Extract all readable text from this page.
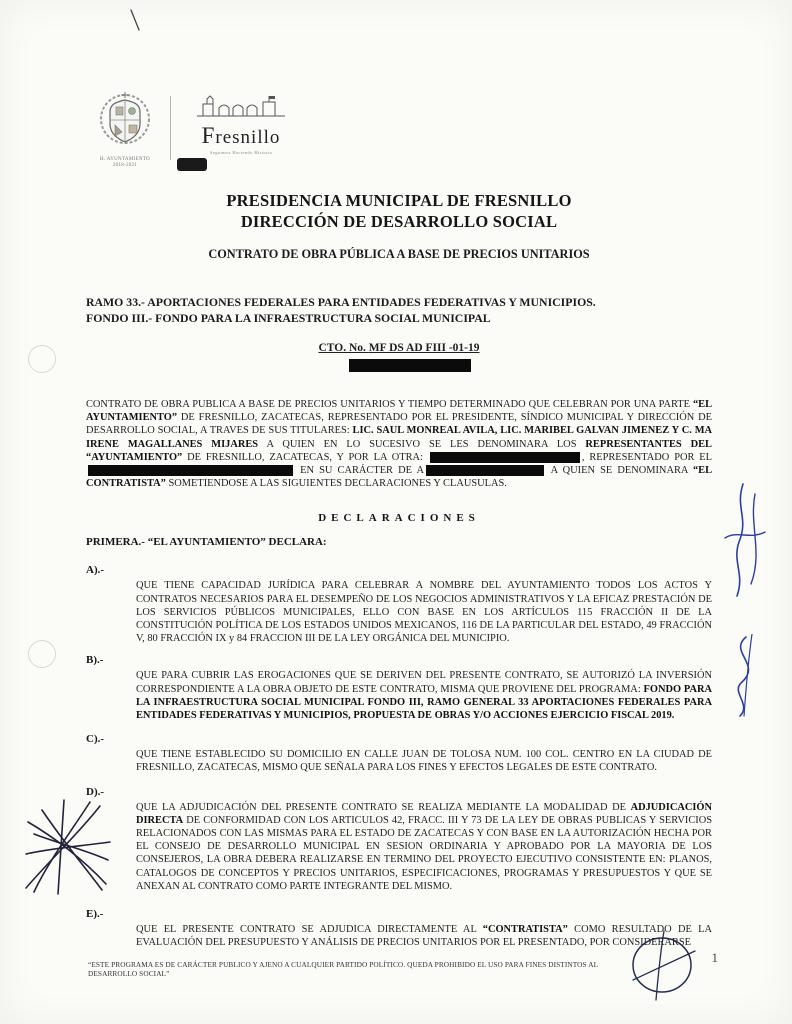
H. AYUNTAMIENTO
2018-2021
Fresnillo
Seguimos Haciendo Historia
PRESIDENCIA MUNICIPAL DE FRESNILLO
DIRECCIÓN DE DESARROLLO SOCIAL
CONTRATO DE OBRA PÚBLICA A BASE DE PRECIOS UNITARIOS
RAMO 33.- APORTACIONES FEDERALES PARA ENTIDADES FEDERATIVAS Y MUNICIPIOS.
FONDO III.- FONDO PARA LA INFRAESTRUCTURA SOCIAL MUNICIPAL
CTO. No. MF DS AD FIII -01-19
CONTRATO DE OBRA PUBLICA A BASE DE PRECIOS UNITARIOS Y TIEMPO DETERMINADO QUE CELEBRAN POR UNA PARTE “EL AYUNTAMIENTO” DE FRESNILLO, ZACATECAS, REPRESENTADO POR EL PRESIDENTE, SÍNDICO MUNICIPAL Y DIRECCIÓN DE DESARROLLO SOCIAL, A TRAVES DE SUS TITULARES: LIC. SAUL MONREAL AVILA, LIC. MARIBEL GALVAN JIMENEZ Y C. MA IRENE MAGALLANES MIJARES A QUIEN EN LO SUCESIVO SE LES DENOMINARA LOS REPRESENTANTES DEL “AYUNTAMIENTO” DE FRESNILLO, ZACATECAS, Y POR LA OTRA:	, REPRESENTADO POR EL  EN SU CARÁCTER DE A	A QUIEN SE DENOMINARA “EL CONTRATISTA” SOMETIENDOSE A LAS SIGUIENTES DECLARACIONES Y CLAUSULAS.
DECLARACIONES
PRIMERA.- “EL AYUNTAMIENTO” DECLARA:
A).-
QUE TIENE CAPACIDAD JURÍDICA PARA CELEBRAR A NOMBRE DEL AYUNTAMIENTO TODOS LOS ACTOS Y CONTRATOS NECESARIOS PARA EL DESEMPEÑO DE LOS NEGOCIOS ADMINISTRATIVOS Y LA EFICAZ PRESTACIÓN DE LOS SERVICIOS PÚBLICOS MUNICIPALES, ELLO CON BASE EN LOS ARTÍCULOS 115 FRACCIÓN II DE LA CONSTITUCIÓN POLÍTICA DE LOS ESTADOS UNIDOS MEXICANOS, 116 DE LA PARTICULAR DEL ESTADO, 49 FRACCIÓN V, 80 FRACCIÓN IX y 84 FRACCION III DE LA LEY ORGÁNICA DEL MUNICIPIO.
B).-
QUE PARA CUBRIR LAS EROGACIONES QUE SE DERIVEN DEL PRESENTE CONTRATO, SE AUTORIZÓ LA INVERSIÓN CORRESPONDIENTE A LA OBRA OBJETO DE ESTE CONTRATO, MISMA QUE PROVIENE DEL PROGRAMA: FONDO PARA LA INFRAESTRUCTURA SOCIAL MUNICIPAL FONDO III, RAMO GENERAL 33 APORTACIONES FEDERALES PARA ENTIDADES FEDERATIVAS Y MUNICIPIOS, PROPUESTA DE OBRAS Y/O ACCIONES EJERCICIO FISCAL 2019.
C).-
QUE TIENE ESTABLECIDO SU DOMICILIO EN CALLE JUAN DE TOLOSA NUM. 100 COL. CENTRO EN LA CIUDAD DE FRESNILLO, ZACATECAS, MISMO QUE SEÑALA PARA LOS FINES Y EFECTOS LEGALES DE ESTE CONTRATO.
D).-
QUE LA ADJUDICACIÓN DEL PRESENTE CONTRATO SE REALIZA MEDIANTE LA MODALIDAD DE ADJUDICACIÓN DIRECTA DE CONFORMIDAD CON LOS ARTICULOS 42, FRACC. III Y 73 DE LA LEY DE OBRAS PUBLICAS Y SERVICIOS RELACIONADOS CON LAS MISMAS PARA EL ESTADO DE ZACATECAS Y CON BASE EN LA AUTORIZACIÓN HECHA POR EL CONSEJO DE DESARROLLO MUNICIPAL EN SESION ORDINARIA Y APROBADO POR LA MAYORIA DE LOS CONSEJEROS, LA OBRA DEBERA REALIZARSE EN TERMINO DEL PROYECTO EJECUTIVO CONSISTENTE EN: PLANOS, CATALOGOS DE CONCEPTOS Y PRECIOS UNITARIOS, ESPECIFICACIONES, PROGRAMAS Y PRESUPUESTOS Y QUE SE ANEXAN AL CONTRATO COMO PARTE INTEGRANTE DEL MISMO.
E).-
QUE EL PRESENTE CONTRATO SE ADJUDICA DIRECTAMENTE AL “CONTRATISTA” COMO RESULTADO DE LA EVALUACIÓN DEL PRESUPUESTO Y ANÁLISIS DE PRECIOS UNITARIOS POR EL PRESENTADO, POR CONSIDERARSE
“ESTE PROGRAMA ES DE CARÁCTER PUBLICO Y AJENO A CUALQUIER PARTIDO POLÍTICO. QUEDA PROHIBIDO EL USO PARA FINES DISTINTOS AL DESARROLLO SOCIAL”
1
